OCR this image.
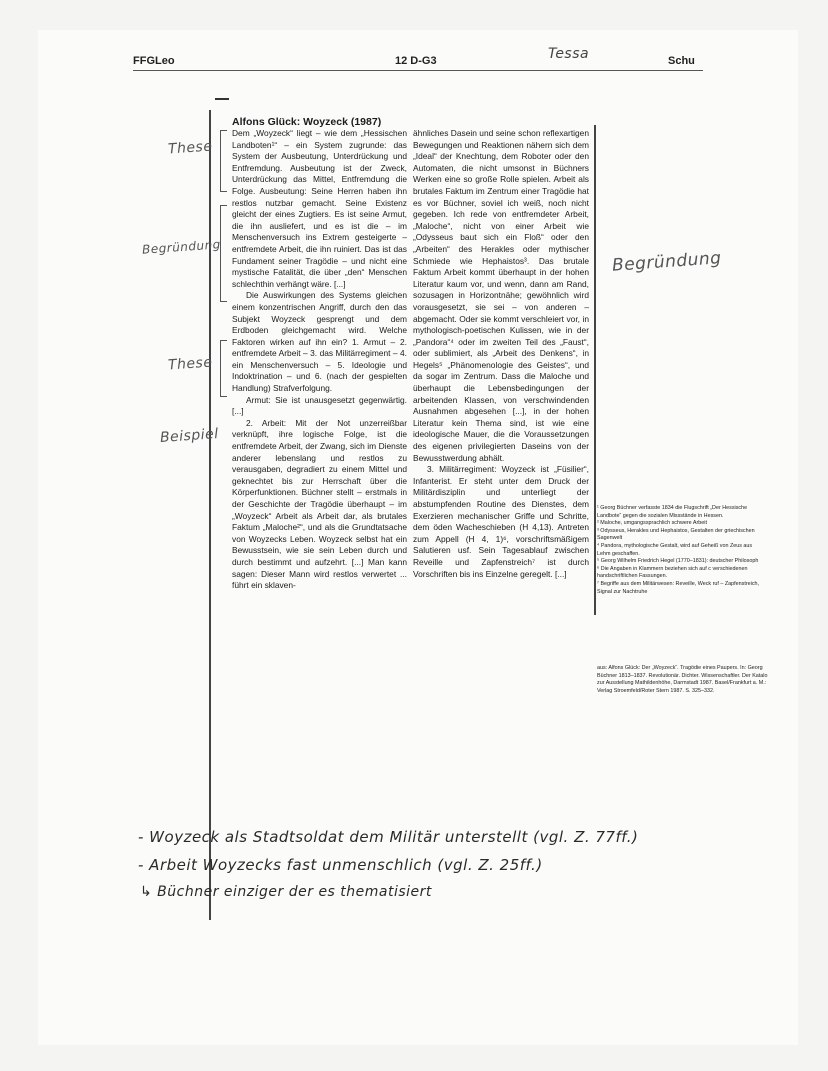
FFGLeo	12 D-G3	Tessa	Schu
Alfons Glück: Woyzeck (1987)

Dem „Woyzeck“ liegt – wie dem „Hessischen Landboten¹“ – ein System zugrunde: das System der Ausbeutung, Unterdrückung und Entfremdung. Ausbeutung ist der Zweck, Unterdrückung das Mittel, Entfremdung die Folge. Ausbeutung: Seine Herren haben ihn restlos nutzbar gemacht. Seine Existenz gleicht der eines Zugtiers. Es ist seine Armut, die ihn ausliefert, und es ist die – im Menschenversuch ins Extrem gesteigerte – entfremdete Arbeit, die ihn ruiniert. Das ist das Fundament seiner Tragödie – und nicht eine mystische Fatalität, die über „den“ Menschen schlechthin verhängt wäre. [...]

Die Auswirkungen des Systems gleichen einem konzentrischen Angriff, durch den das Subjekt Woyzeck gesprengt und dem Erdboden gleichgemacht wird. Welche Faktoren wirken auf ihn ein? 1. Armut – 2. entfremdete Arbeit – 3. das Militärregiment – 4. ein Menschenversuch – 5. Ideologie und Indoktrination – und 6. (nach der gespielten Handlung) Strafverfolgung.

Armut: Sie ist unausgesetzt gegenwärtig. [...]

2. Arbeit: Mit der Not unzerreißbar verknüpft, ihre logische Folge, ist die entfremdete Arbeit, der Zwang, sich im Dienste anderer lebenslang und restlos zu verausgaben, degradiert zu einem Mittel und geknechtet bis zur Herrschaft über die Körperfunktionen. Büchner stellt – erstmals in der Geschichte der Tragödie überhaupt – im „Woyzeck“ Arbeit als Arbeit dar, als brutales Faktum „Maloche²“, und als die Grundtatsache von Woyzecks Leben. Woyzeck selbst hat ein Bewusstsein, wie sie sein Leben durch und durch bestimmt und aufzehrt. [...] Man kann sagen: Dieser Mann wird restlos verwertet ... führt ein sklaven-

ähnliches Dasein und seine schon reflexartigen Bewegungen und Reaktionen nähern sich dem „Ideal“ der Knechtung, dem Roboter oder den Automaten, die nicht umsonst in Büchners Werken eine so große Rolle spielen. Arbeit als brutales Faktum im Zentrum einer Tragödie hat es vor Büchner, soviel ich weiß, noch nicht gegeben. Ich rede von entfremdeter Arbeit, „Maloche“, nicht von einer Arbeit wie „Odysseus baut sich ein Floß“ oder den „Arbeiten“ des Herakles oder mythischer Schmiede wie Hephaistos³. Das brutale Faktum Arbeit kommt überhaupt in der hohen Literatur kaum vor, und wenn, dann am Rand, sozusagen in Horizontnähe; gewöhnlich wird vorausgesetzt, sie sei – von anderen – abgemacht. Oder sie kommt verschleiert vor, in mythologisch-poetischen Kulissen, wie in der „Pandora“⁴ oder im zweiten Teil des „Faust“, oder sublimiert, als „Arbeit des Denkens“, in Hegels⁵ „Phänomenologie des Geistes“, und da sogar im Zentrum. Dass die Maloche und überhaupt die Lebensbedingungen der arbeitenden Klassen, von verschwindenden Ausnahmen abgesehen [...], in der hohen Literatur kein Thema sind, ist wie eine ideologische Mauer, die die Voraussetzungen des eigenen privilegierten Daseins von der Bewusstwerdung abhält.

3. Militärregiment: Woyzeck ist „Füsilier“, Infanterist. Er steht unter dem Druck der Militärdisziplin und unterliegt der abstumpfenden Routine des Dienstes, dem Exerzieren mechanischer Griffe und Schritte, dem öden Wacheschieben (H 4,13). Antreten zum Appell (H 4, 1)⁶, vorschriftsmäßigem Salutieren usf. Sein Tagesablauf zwischen Reveille und Zapfenstreich⁷ ist durch Vorschriften bis ins Einzelne geregelt. [...]

¹ Georg Büchner verfasste 1834 die Flugschrift „Der Hessische Landbote“ gegen die sozialen Missstände in Hessen.
² Maloche, umgangssprachlich schwere Arbeit
³ Odysseus, Herakles und Hephaistos, Gestalten der griechischen Sagenwelt
⁴ Pandora, mythologische Gestalt, wird auf Geheiß von Zeus aus Lehm geschaffen.
⁵ Georg Wilhelm Friedrich Hegel (1770–1831): deutscher Philosoph
⁶ Die Angaben in Klammern beziehen sich auf c verschiedenen handschriftlichen Fassungen.
⁷ Begriffe aus dem Militärwesen: Reveille, Weck ruf – Zapfenstreich, Signal zur Nachtruhe
aus: Alfons Glück: Der „Woyzeck“. Tragödie eines Paupers. In: Georg Büchner 1813–1837. Revolutionär. Dichter. Wissenschaftler. Der Katalo zur Ausstellung Mathildenhöhe, Darmstadt 1987. Basel/Frankfurt a. M.: Verlag Stroemfeld/Roter Stern 1987. S. 325–332.
These
Begründung
These
Beispiel
Begründung
- Woyzeck als Stadtsoldat dem Militär unterstellt (vgl. Z. 77ff.)
- Arbeit Woyzecks fast unmenschlich (vgl. Z. 25ff.)
↳ Büchner einziger der es thematisiert
